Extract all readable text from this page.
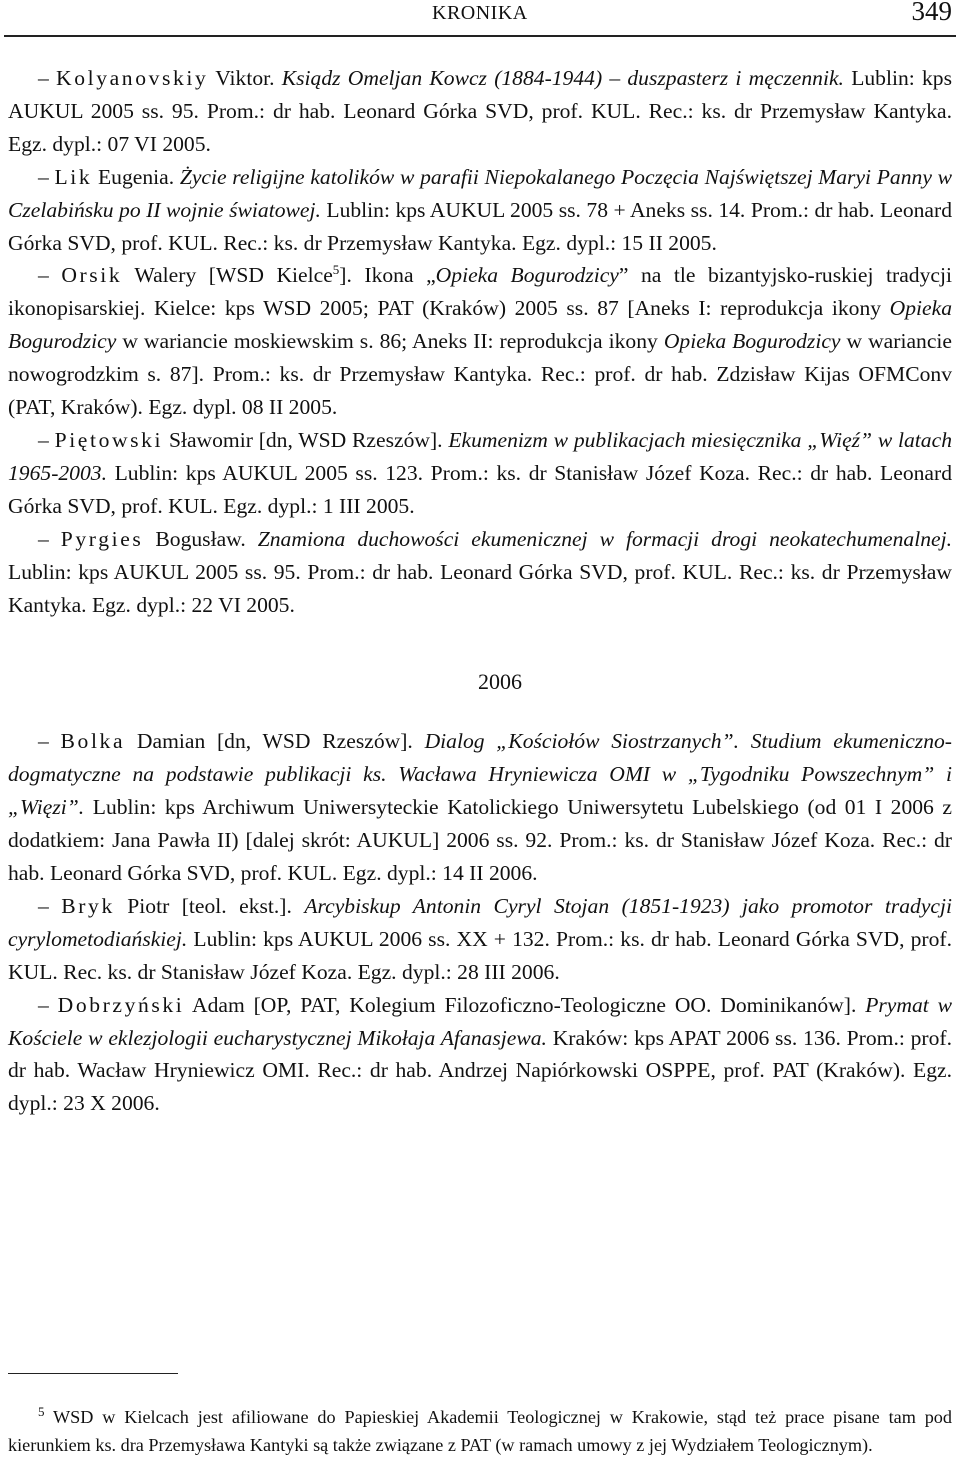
KRONIKA	349

– Kolyanovskiy Viktor. Ksiądz Omeljan Kowcz (1884-1944) – duszpasterz i męczennik. Lublin: kps AUKUL 2005 ss. 95. Prom.: dr hab. Leonard Górka SVD, prof. KUL. Rec.: ks. dr Przemysław Kantyka. Egz. dypl.: 07 VI 2005.

– Lik Eugenia. Życie religijne katolików w parafii Niepokalanego Poczęcia Najświętszej Maryi Panny w Czelabińsku po II wojnie światowej. Lublin: kps AUKUL 2005 ss. 78 + Aneks ss. 14. Prom.: dr hab. Leonard Górka SVD, prof. KUL. Rec.: ks. dr Przemysław Kantyka. Egz. dypl.: 15 II 2005.

– Orsik Walery [WSD Kielce$^5$]. Ikona „Opieka Bogurodzicy” na tle bizantyjsko-ruskiej tradycji ikonopisarskiej. Kielce: kps WSD 2005; PAT (Kraków) 2005 ss. 87 [Aneks I: reprodukcja ikony Opieka Bogurodzicy w wariancie moskiewskim s. 86; Aneks II: reprodukcja ikony Opieka Bogurodzicy w wariancie nowogrodzkim s. 87]. Prom.: ks. dr Przemysław Kantyka. Rec.: prof. dr hab. Zdzisław Kijas OFMConv (PAT, Kraków). Egz. dypl. 08 II 2005.

– Piętowski Sławomir [dn, WSD Rzeszów]. Ekumenizm w publikacjach miesięcznika „Więź” w latach 1965-2003. Lublin: kps AUKUL 2005 ss. 123. Prom.: ks. dr Stanisław Józef Koza. Rec.: dr hab. Leonard Górka SVD, prof. KUL. Egz. dypl.: 1 III 2005.

– Pyrgies Bogusław. Znamiona duchowości ekumenicznej w formacji drogi neokatechumenalnej. Lublin: kps AUKUL 2005 ss. 95. Prom.: dr hab. Leonard Górka SVD, prof. KUL. Rec.: ks. dr Przemysław Kantyka. Egz. dypl.: 22 VI 2005.

2006

– Bolka Damian [dn, WSD Rzeszów]. Dialog „Kościołów Siostrzanych”. Studium ekumeniczno-dogmatyczne na podstawie publikacji ks. Wacława Hryniewicza OMI w „Tygodniku Powszechnym” i „Więzi”. Lublin: kps Archiwum Uniwersyteckie Katolickiego Uniwersytetu Lubelskiego (od 01 I 2006 z dodatkiem: Jana Pawła II) [dalej skrót: AUKUL] 2006 ss. 92. Prom.: ks. dr Stanisław Józef Koza. Rec.: dr hab. Leonard Górka SVD, prof. KUL. Egz. dypl.: 14 II 2006.

– Bryk Piotr [teol. ekst.]. Arcybiskup Antonin Cyryl Stojan (1851-1923) jako promotor tradycji cyrylometodiańskiej. Lublin: kps AUKUL 2006 ss. XX + 132. Prom.: ks. dr hab. Leonard Górka SVD, prof. KUL. Rec. ks. dr Stanisław Józef Koza. Egz. dypl.: 28 III 2006.

– Dobrzyński Adam [OP, PAT, Kolegium Filozoficzno-Teologiczne OO. Dominikanów]. Prymat w Kościele w eklezjologii eucharystycznej Mikołaja Afanasjewa. Kraków: kps APAT 2006 ss. 136. Prom.: prof. dr hab. Wacław Hryniewicz OMI. Rec.: dr hab. Andrzej Napiórkowski OSPPE, prof. PAT (Kraków). Egz. dypl.: 23 X 2006.

$^5$ WSD w Kielcach jest afiliowane do Papieskiej Akademii Teologicznej w Krakowie, stąd też prace pisane tam pod kierunkiem ks. dra Przemysława Kantyki są także związane z PAT (w ramach umowy z jej Wydziałem Teologicznym).
